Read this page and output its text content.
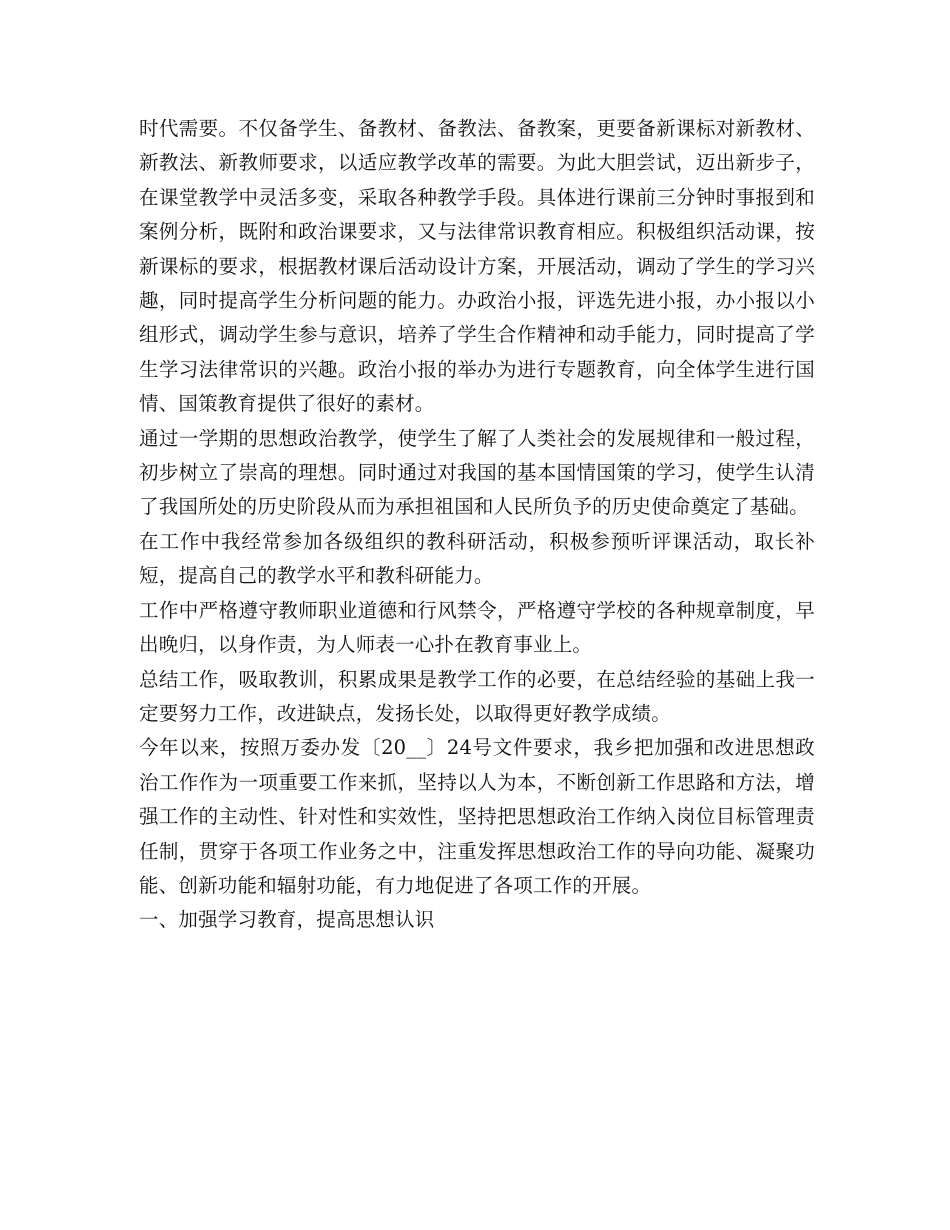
时代需要。不仅备学生、备教材、备教法、备教案，更要备新课标对新教材、新教法、新教师要求，以适应教学改革的需要。为此大胆尝试，迈出新步子，在课堂教学中灵活多变，采取各种教学手段。具体进行课前三分钟时事报到和案例分析，既附和政治课要求，又与法律常识教育相应。积极组织活动课，按新课标的要求，根据教材课后活动设计方案，开展活动，调动了学生的学习兴趣，同时提高学生分析问题的能力。办政治小报，评选先进小报，办小报以小组形式，调动学生参与意识，培养了学生合作精神和动手能力，同时提高了学生学习法律常识的兴趣。政治小报的举办为进行专题教育，向全体学生进行国情、国策教育提供了很好的素材。

通过一学期的思想政治教学，使学生了解了人类社会的发展规律和一般过程，初步树立了崇高的理想。同时通过对我国的基本国情国策的学习，使学生认清了我国所处的历史阶段从而为承担祖国和人民所负予的历史使命奠定了基础。

在工作中我经常参加各级组织的教科研活动，积极参预听评课活动，取长补短，提高自己的教学水平和教科研能力。

工作中严格遵守教师职业道德和行风禁令，严格遵守学校的各种规章制度，早出晚归，以身作责，为人师表一心扑在教育事业上。

总结工作，吸取教训，积累成果是教学工作的必要，在总结经验的基础上我一定要努力工作，改进缺点，发扬长处，以取得更好教学成绩。

今年以来，按照万委办发〔20__〕24号文件要求，我乡把加强和改进思想政治工作作为一项重要工作来抓，坚持以人为本，不断创新工作思路和方法，增强工作的主动性、针对性和实效性，坚持把思想政治工作纳入岗位目标管理责任制，贯穿于各项工作业务之中，注重发挥思想政治工作的导向功能、凝聚功能、创新功能和辐射功能，有力地促进了各项工作的开展。

一、加强学习教育，提高思想认识
